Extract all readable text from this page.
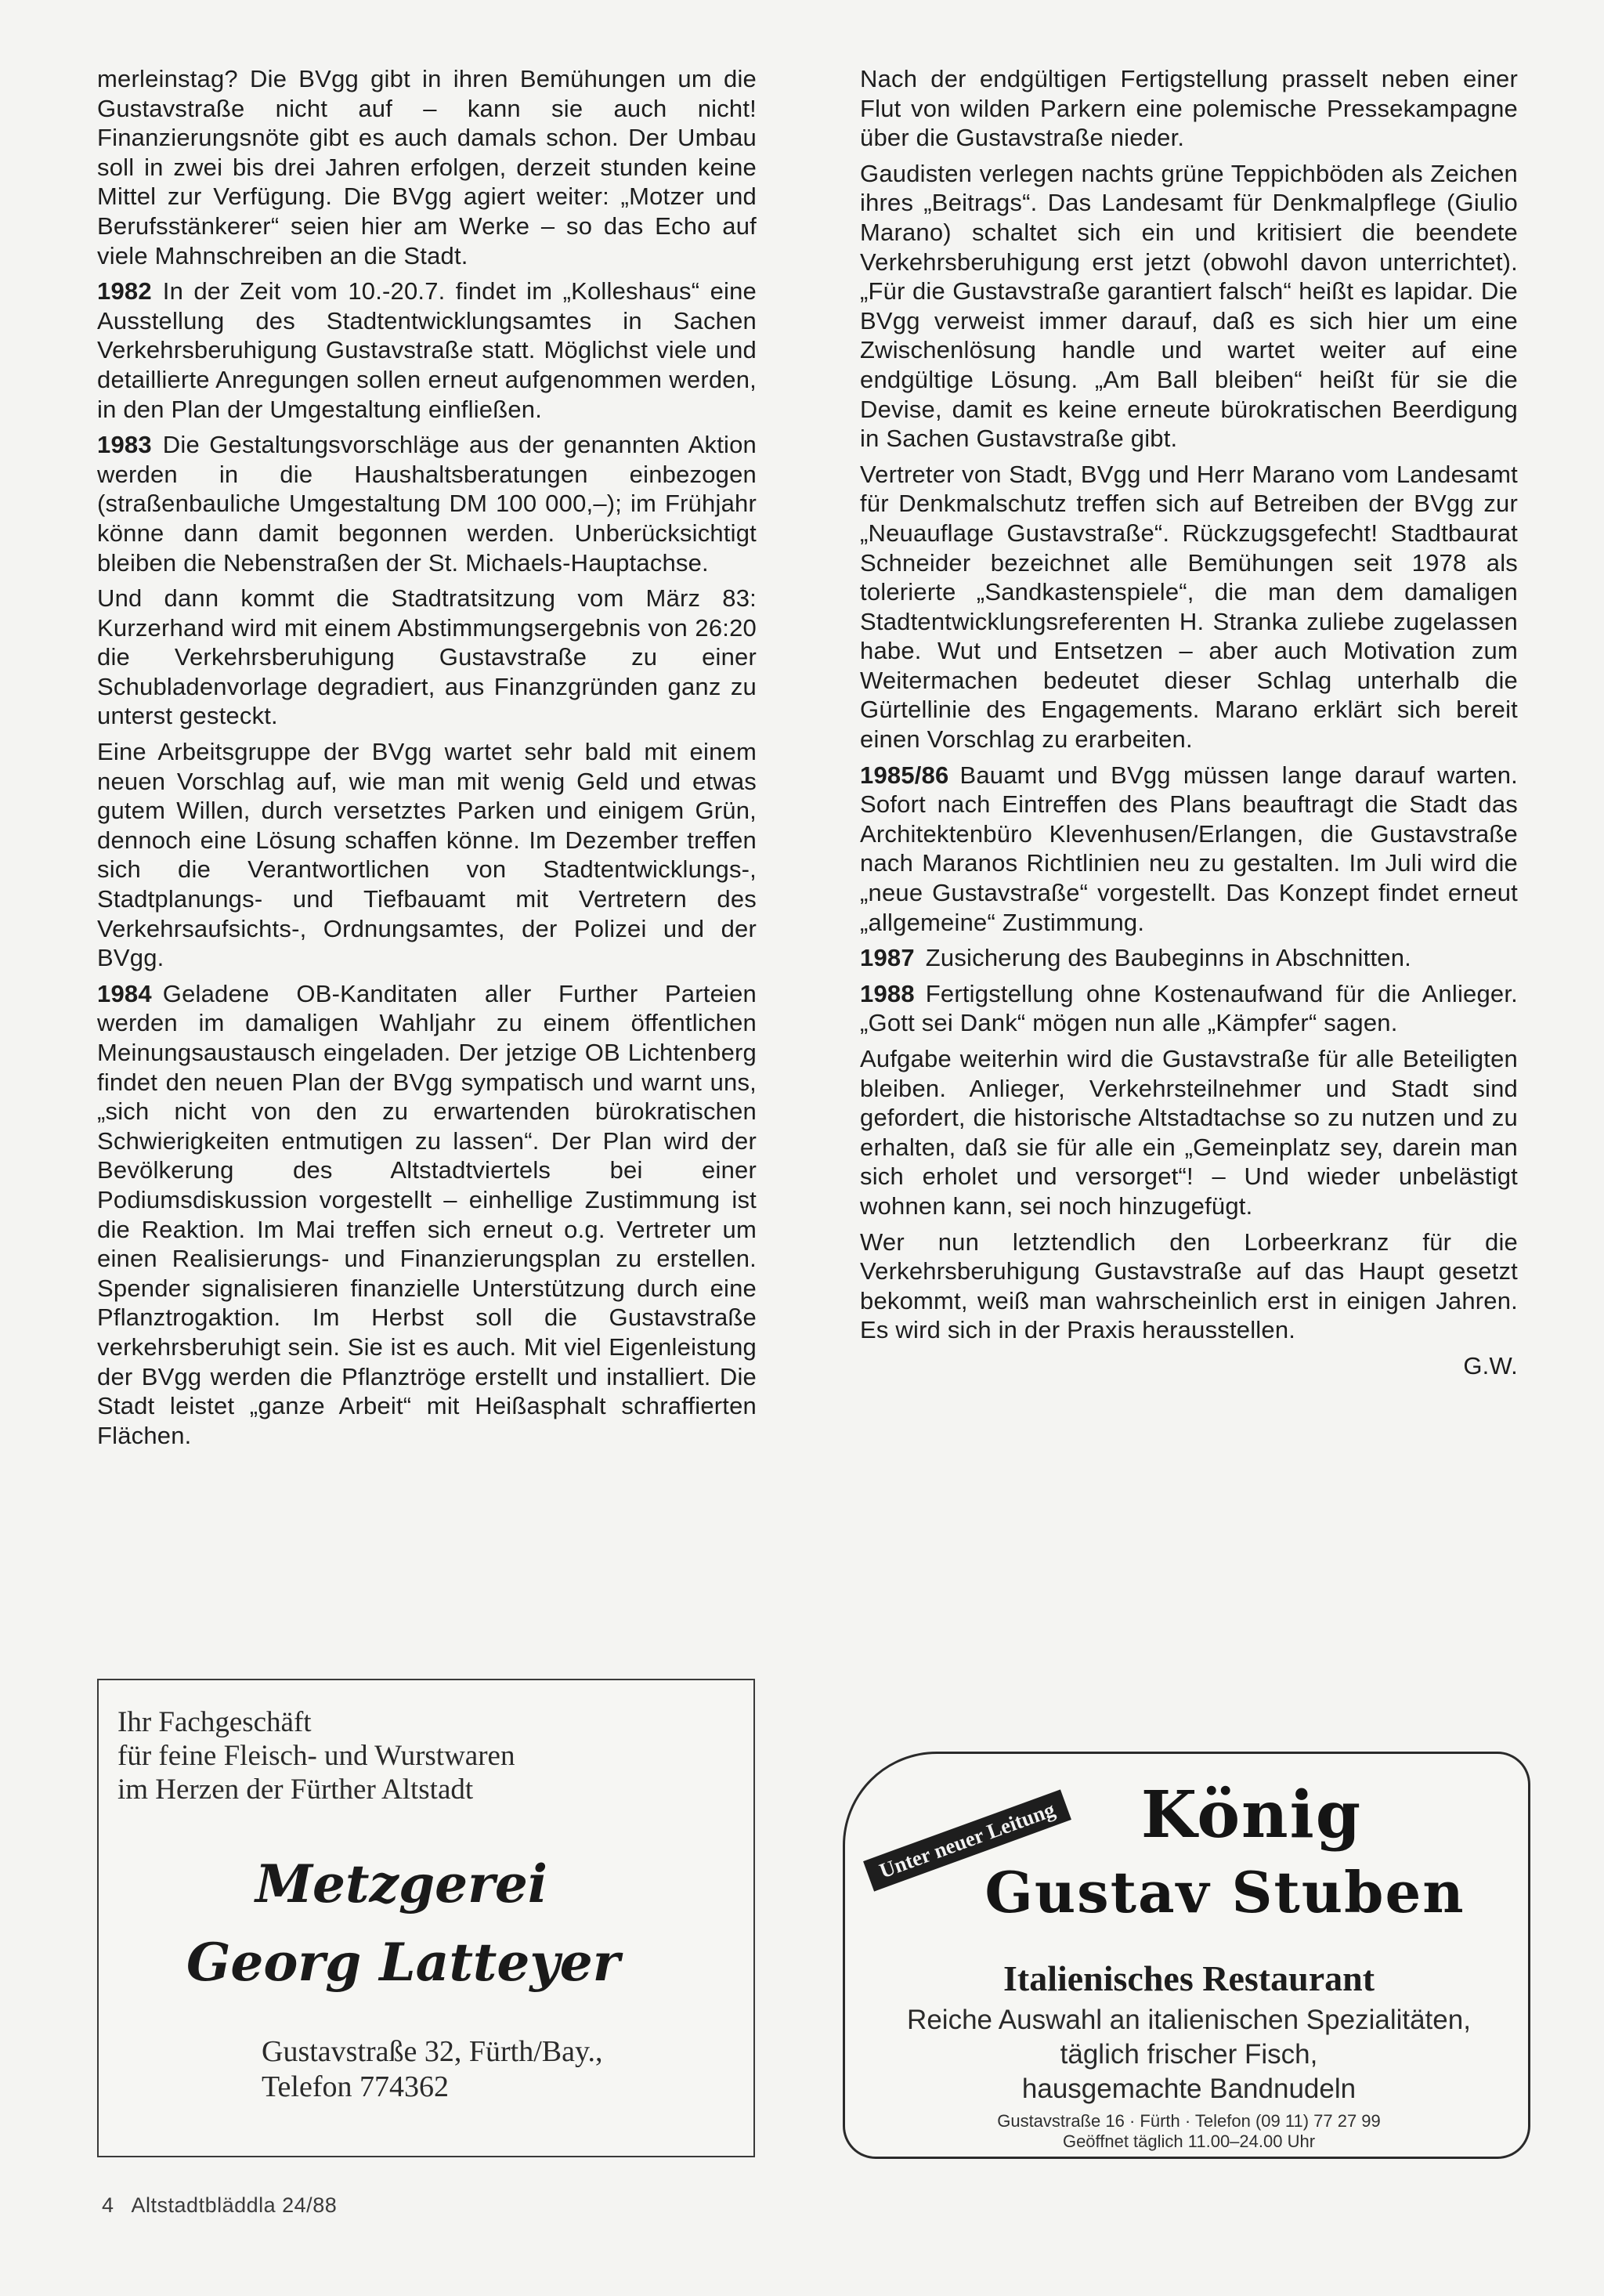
merleinstag? Die BVgg gibt in ihren Bemühungen um die Gustavstraße nicht auf – kann sie auch nicht! Finanzierungsnöte gibt es auch damals schon. Der Umbau soll in zwei bis drei Jahren erfolgen, derzeit stunden keine Mittel zur Verfügung. Die BVgg agiert weiter: „Motzer und Berufsstänkerer“ seien hier am Werke – so das Echo auf viele Mahnschreiben an die Stadt.

1982 In der Zeit vom 10.-20.7. findet im „Kolleshaus“ eine Ausstellung des Stadtentwicklungsamtes in Sachen Verkehrsberuhigung Gustavstraße statt. Möglichst viele und detaillierte Anregungen sollen erneut aufgenommen werden, in den Plan der Umgestaltung einfließen.

1983 Die Gestaltungsvorschläge aus der genannten Aktion werden in die Haushaltsberatungen einbezogen (straßenbauliche Umgestaltung DM 100 000,–); im Frühjahr könne dann damit begonnen werden. Unberücksichtigt bleiben die Nebenstraßen der St. Michaels-Hauptachse.

Und dann kommt die Stadtratsitzung vom März 83: Kurzerhand wird mit einem Abstimmungsergebnis von 26:20 die Verkehrsberuhigung Gustavstraße zu einer Schubladenvorlage degradiert, aus Finanzgründen ganz zu unterst gesteckt.

Eine Arbeitsgruppe der BVgg wartet sehr bald mit einem neuen Vorschlag auf, wie man mit wenig Geld und etwas gutem Willen, durch versetztes Parken und einigem Grün, dennoch eine Lösung schaffen könne. Im Dezember treffen sich die Verantwortlichen von Stadtentwicklungs-, Stadtplanungs- und Tiefbauamt mit Vertretern des Verkehrsaufsichts-, Ordnungsamtes, der Polizei und der BVgg.

1984 Geladene OB-Kanditaten aller Further Parteien werden im damaligen Wahljahr zu einem öffentlichen Meinungsaustausch eingeladen. Der jetzige OB Lichtenberg findet den neuen Plan der BVgg sympatisch und warnt uns, „sich nicht von den zu erwartenden bürokratischen Schwierigkeiten entmutigen zu lassen“. Der Plan wird der Bevölkerung des Altstadtviertels bei einer Podiumsdiskussion vorgestellt – einhellige Zustimmung ist die Reaktion. Im Mai treffen sich erneut o.g. Vertreter um einen Realisierungs- und Finanzierungsplan zu erstellen. Spender signalisieren finanzielle Unterstützung durch eine Pflanztrogaktion. Im Herbst soll die Gustavstraße verkehrsberuhigt sein. Sie ist es auch. Mit viel Eigenleistung der BVgg werden die Pflanztröge erstellt und installiert. Die Stadt leistet „ganze Arbeit“ mit Heißasphalt schraffierten Flächen.

Nach der endgültigen Fertigstellung prasselt neben einer Flut von wilden Parkern eine polemische Pressekampagne über die Gustavstraße nieder.

Gaudisten verlegen nachts grüne Teppichböden als Zeichen ihres „Beitrags“. Das Landesamt für Denkmalpflege (Giulio Marano) schaltet sich ein und kritisiert die beendete Verkehrsberuhigung erst jetzt (obwohl davon unterrichtet). „Für die Gustavstraße garantiert falsch“ heißt es lapidar. Die BVgg verweist immer darauf, daß es sich hier um eine Zwischenlösung handle und wartet weiter auf eine endgültige Lösung. „Am Ball bleiben“ heißt für sie die Devise, damit es keine erneute bürokratischen Beerdigung in Sachen Gustavstraße gibt.

Vertreter von Stadt, BVgg und Herr Marano vom Landesamt für Denkmalschutz treffen sich auf Betreiben der BVgg zur „Neuauflage Gustavstraße“. Rückzugsgefecht! Stadtbaurat Schneider bezeichnet alle Bemühungen seit 1978 als tolerierte „Sandkastenspiele“, die man dem damaligen Stadtentwicklungsreferenten H. Stranka zuliebe zugelassen habe. Wut und Entsetzen – aber auch Motivation zum Weitermachen bedeutet dieser Schlag unterhalb die Gürtellinie des Engagements. Marano erklärt sich bereit einen Vorschlag zu erarbeiten.

1985/86 Bauamt und BVgg müssen lange darauf warten. Sofort nach Eintreffen des Plans beauftragt die Stadt das Architektenbüro Klevenhusen/Erlangen, die Gustavstraße nach Maranos Richtlinien neu zu gestalten. Im Juli wird die „neue Gustavstraße“ vorgestellt. Das Konzept findet erneut „allgemeine“ Zustimmung.

1987 Zusicherung des Baubeginns in Abschnitten.

1988 Fertigstellung ohne Kostenaufwand für die Anlieger. „Gott sei Dank“ mögen nun alle „Kämpfer“ sagen.

Aufgabe weiterhin wird die Gustavstraße für alle Beteiligten bleiben. Anlieger, Verkehrsteilnehmer und Stadt sind gefordert, die historische Altstadtachse so zu nutzen und zu erhalten, daß sie für alle ein „Gemeinplatz sey, darein man sich erholet und versorget“! – Und wieder unbelästigt wohnen kann, sei noch hinzugefügt.

Wer nun letztendlich den Lorbeerkranz für die Verkehrsberuhigung Gustavstraße auf das Haupt gesetzt bekommt, weiß man wahrscheinlich erst in einigen Jahren. Es wird sich in der Praxis herausstellen.

G.W.

Ihr Fachgeschäft
für feine Fleisch- und Wurstwaren
im Herzen der Fürther Altstadt
Metzgerei
Georg Latteyer
Gustavstraße 32, Fürth/Bay.,
Telefon 774362
König
Gustav Stuben
Unter neuer Leitung
Italienisches Restaurant
Reiche Auswahl an italienischen Spezialitäten,
täglich frischer Fisch,
hausgemachte Bandnudeln
Gustavstraße 16 · Fürth · Telefon (09 11) 77 27 99
Geöffnet täglich 11.00–24.00 Uhr
4 Altstadtbläddla 24/88
